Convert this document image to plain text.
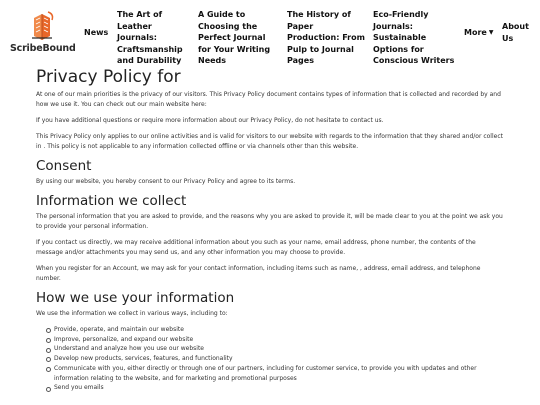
ScribeBound
News
The Art of Leather Journals: Craftsmanship and Durability
A Guide to Choosing the Perfect Journal for Your Writing Needs
The History of Paper Production: From Pulp to Journal Pages
Eco-Friendly Journals: Sustainable Options for Conscious Writers
More ▼
About Us
Privacy Policy for

At one of our main priorities is the privacy of our visitors. This Privacy Policy document contains types of information that is collected and recorded by and how we use it. You can check out our main website here:

If you have additional questions or require more information about our Privacy Policy, do not hesitate to contact us.

This Privacy Policy only applies to our online activities and is valid for visitors to our website with regards to the information that they shared and/or collect in . This policy is not applicable to any information collected offline or via channels other than this website.

Consent

By using our website, you hereby consent to our Privacy Policy and agree to its terms.

Information we collect

The personal information that you are asked to provide, and the reasons why you are asked to provide it, will be made clear to you at the point we ask you to provide your personal information.

If you contact us directly, we may receive additional information about you such as your name, email address, phone number, the contents of the message and/or attachments you may send us, and any other information you may choose to provide.

When you register for an Account, we may ask for your contact information, including items such as name, , address, email address, and telephone number.

How we use your information

We use the information we collect in various ways, including to:

Provide, operate, and maintain our website
Improve, personalize, and expand our website
Understand and analyze how you use our website
Develop new products, services, features, and functionality
Communicate with you, either directly or through one of our partners, including for customer service, to provide you with updates and other information relating to the website, and for marketing and promotional purposes
Send you emails
